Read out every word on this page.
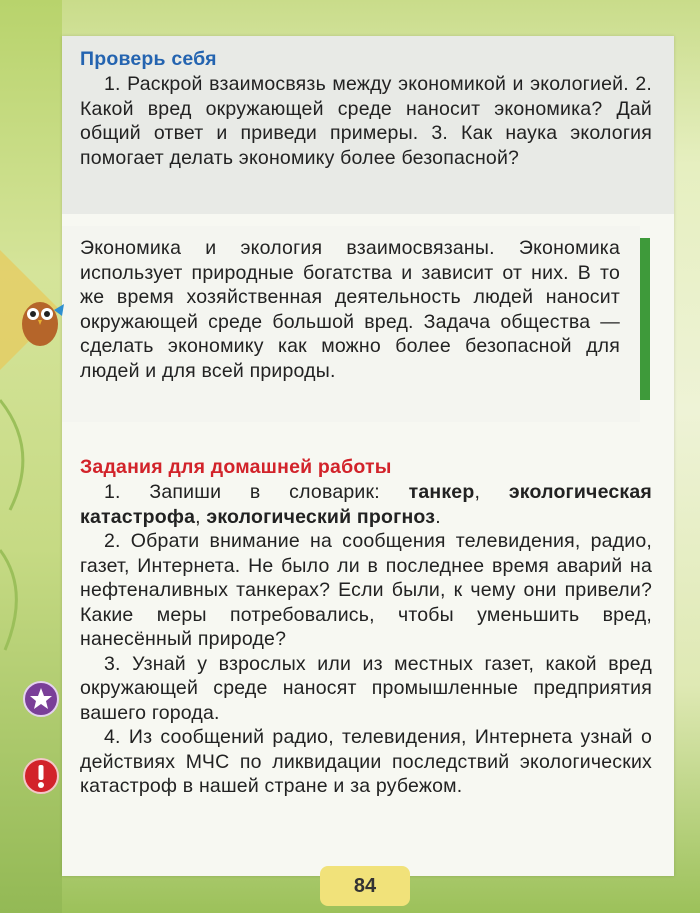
Проверь себя

1. Раскрой взаимосвязь между экономикой и экологией. 2. Какой вред окружающей среде наносит экономика? Дай общий ответ и приведи примеры. 3. Как наука экология помогает делать экономику более безопасной?

Экономика и экология взаимосвязаны. Экономика использует природные богатства и зависит от них. В то же время хозяйственная деятельность людей наносит окружающей среде большой вред. Задача общества — сделать экономику как можно более безопасной для людей и для всей природы.

Задания для домашней работы

1. Запиши в словарик: танкер, экологическая катастрофа, экологический прогноз.

2. Обрати внимание на сообщения телевидения, радио, газет, Интернета. Не было ли в последнее время аварий на нефтеналивных танкерах? Если были, к чему они привели? Какие меры потребовались, чтобы уменьшить вред, нанесённый природе?

3. Узнай у взрослых или из местных газет, какой вред окружающей среде наносят промышленные предприятия вашего города.

4. Из сообщений радио, телевидения, Интернета узнай о действиях МЧС по ликвидации последствий экологических катастроф в нашей стране и за рубежом.

84
